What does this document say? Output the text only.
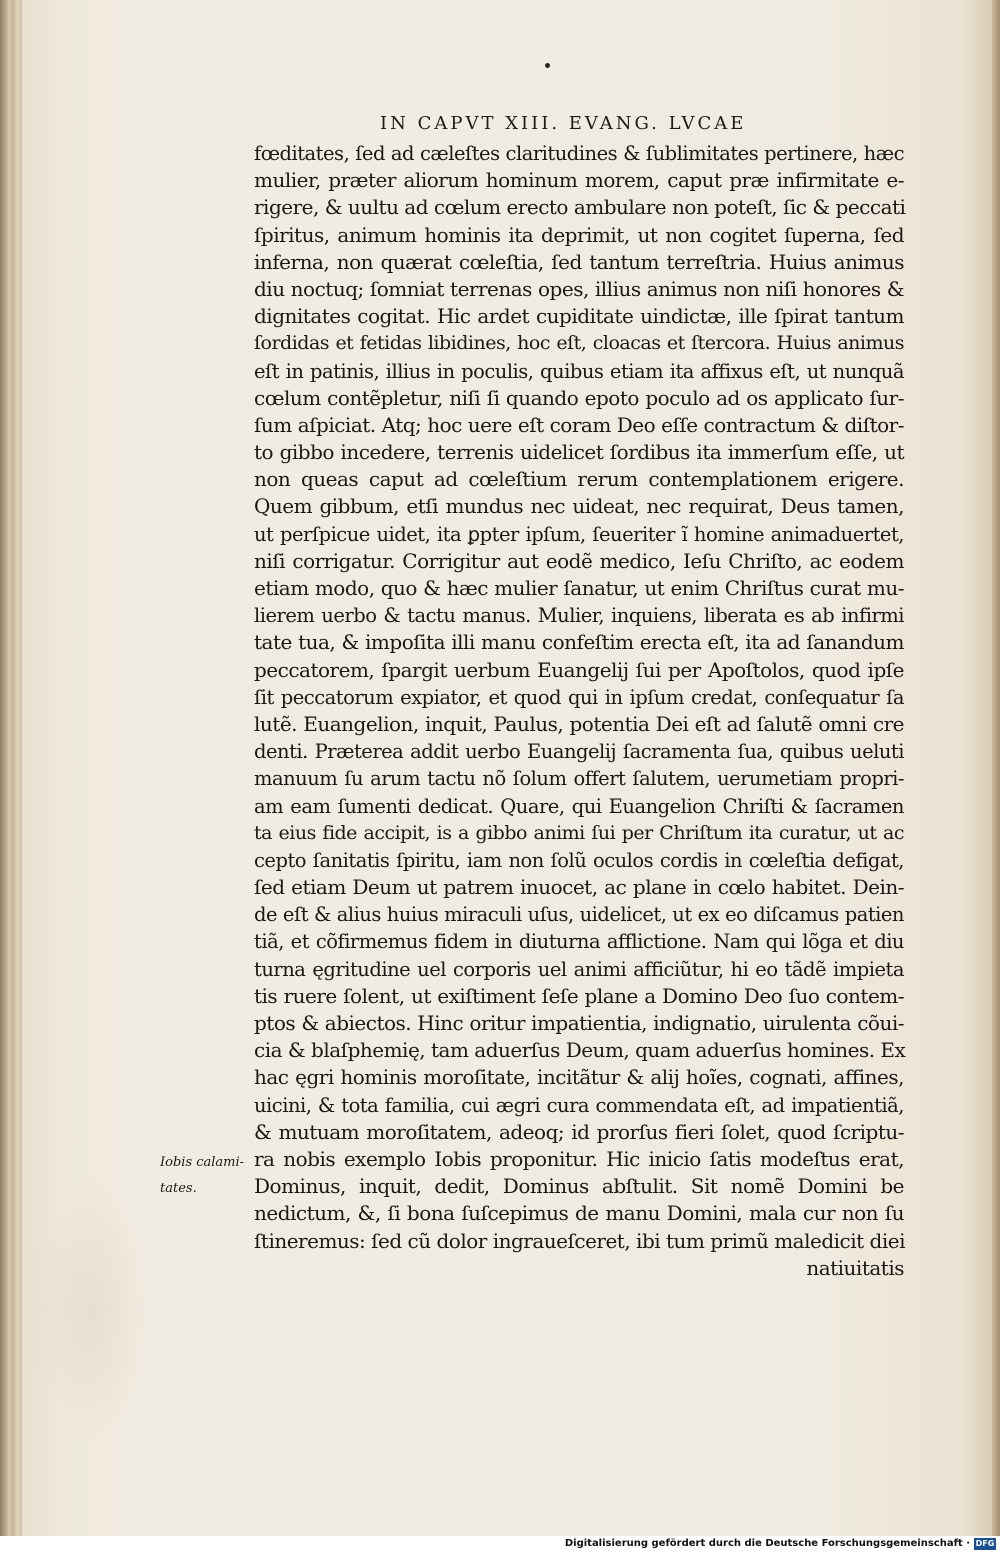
IN CAPVT XIII. EVANG. LVCAE
fœditates, ſed ad cæleſtes claritudines & ſublimitates pertinere, hæc
mulier, præter aliorum hominum morem, caput præ infirmitate e-
rigere, & uultu ad cœlum erecto ambulare non poteſt, ſic & peccati
ſpiritus, animum hominis ita deprimit, ut non cogitet ſuperna, ſed
inferna, non quærat cœleſtia, ſed tantum terreſtria. Huius animus
diu noctuq; ſomniat terrenas opes, illius animus non niſi honores &
dignitates cogitat. Hic ardet cupiditate uindictæ, ille ſpirat tantum
ſordidas et fetidas libidines, hoc eſt, cloacas et ſtercora. Huius animus
eſt in patinis, illius in poculis, quibus etiam ita affixus eſt, ut nunquã
cœlum contẽpletur, niſi ſi quando epoto poculo ad os applicato ſur-
ſum aſpiciat. Atq; hoc uere eſt coram Deo eſſe contractum & diſtor-
to gibbo incedere, terrenis uidelicet ſordibus ita immerſum eſſe, ut
non queas caput ad cœleſtium rerum contemplationem erigere.
Quem gibbum, etſi mundus nec uideat, nec requirat, Deus tamen,
ut perſpicue uidet, ita ꝑpter ipſum, ſeueriter ĩ homine animaduertet,
niſi corrigatur. Corrigitur aut eodẽ medico, Ieſu Chriſto, ac eodem
etiam modo, quo & hæc mulier ſanatur, ut enim Chriſtus curat mu-
lierem uerbo & tactu manus. Mulier, inquiens, liberata es ab infirmi
tate tua, & impoſita illi manu confeſtim erecta eſt, ita ad ſanandum
peccatorem, ſpargit uerbum Euangelij ſui per Apoſtolos, quod ipſe
ſit peccatorum expiator, et quod qui in ipſum credat, conſequatur ſa
lutẽ. Euangelion, inquit, Paulus, potentia Dei eſt ad ſalutẽ omni cre
denti. Præterea addit uerbo Euangelij ſacramenta ſua, quibus ueluti
manuum ſu arum tactu nõ ſolum offert ſalutem, uerumetiam propri-
am eam ſumenti dedicat. Quare, qui Euangelion Chriſti & ſacramen
ta eius fide accipit, is a gibbo animi ſui per Chriſtum ita curatur, ut ac
cepto ſanitatis ſpiritu, iam non ſolũ oculos cordis in cœleſtia defigat,
ſed etiam Deum ut patrem inuocet, ac plane in cœlo habitet. Dein-
de eſt & alius huius miraculi uſus, uidelicet, ut ex eo diſcamus patien
tiã, et cõfirmemus fidem in diuturna afflictione. Nam qui lõga et diu
turna ęgritudine uel corporis uel animi afficiũtur, hi eo tãdẽ impieta
tis ruere ſolent, ut exiſtiment ſeſe plane a Domino Deo ſuo contem-
ptos & abiectos. Hinc oritur impatientia, indignatio, uirulenta cõui-
cia & blaſphemię, tam aduerſus Deum, quam aduerſus homines. Ex
hac ęgri hominis moroſitate, incitãtur & alij hoĩes, cognati, affines,
uicini, & tota familia, cui ægri cura commendata eſt, ad impatientiã,
& mutuam moroſitatem, adeoq; id prorſus fieri ſolet, quod ſcriptu-
ra nobis exemplo Iobis proponitur. Hic inicio ſatis modeſtus erat,
Dominus, inquit, dedit, Dominus abſtulit. Sit nomẽ Domini be
nedictum, &, ſi bona ſuſcepimus de manu Domini, mala cur non ſu
ſtineremus: ſed cũ dolor ingraueſceret, ibi tum primũ maledicit diei
natiuitatis
Iobis calami-
tates.
Digitalisierung gefördert durch die Deutsche Forschungsgemeinschaft · DFG
